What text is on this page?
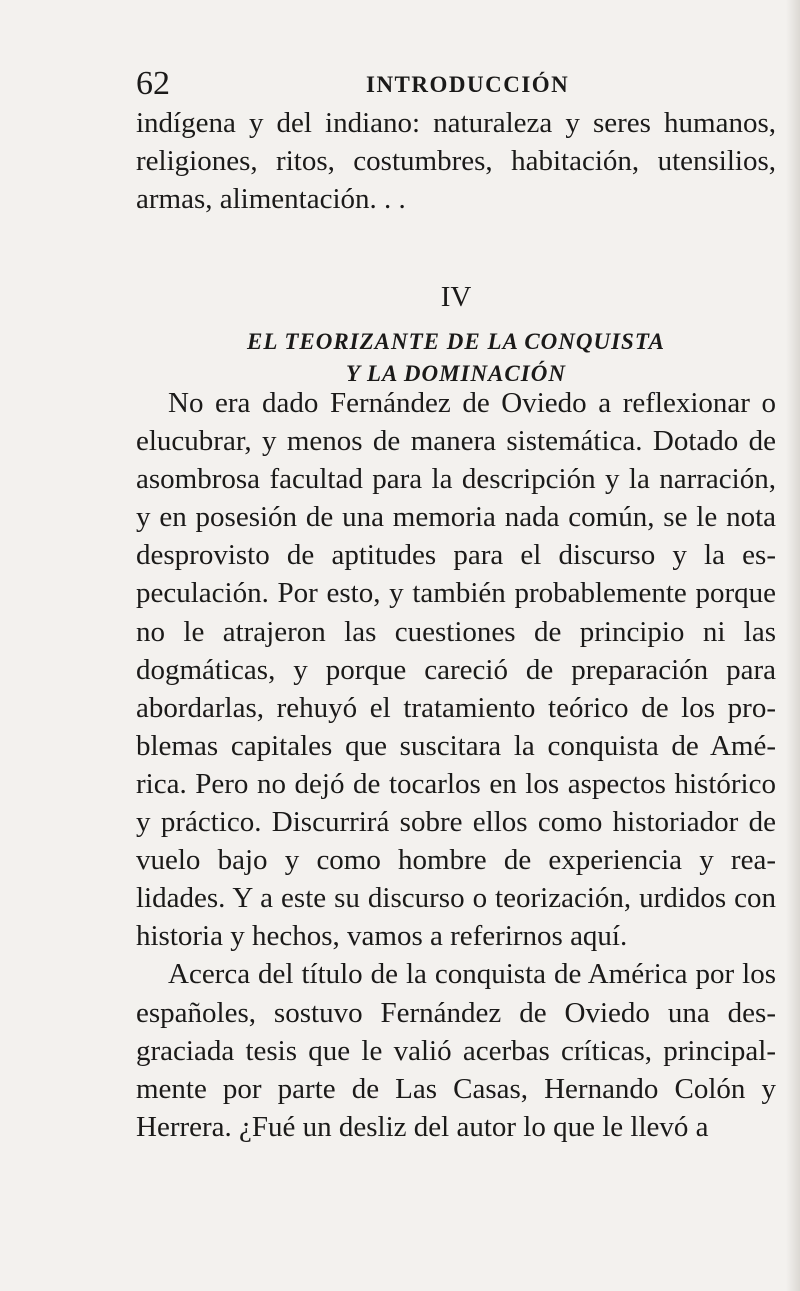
62	INTRODUCCIÓN

indígena y del indiano: naturaleza y seres humanos, religiones, ritos, costumbres, habitación, utensilios, armas, alimentación. . .

IV
EL TEORIZANTE DE LA CONQUISTA
Y LA DOMINACIÓN

No era dado Fernández de Oviedo a reflexionar o elucubrar, y menos de manera sistemática. Dotado de asombrosa facultad para la descripción y la narración, y en posesión de una memoria nada común, se le nota desprovisto de aptitudes para el discurso y la especulación. Por esto, y también probablemente porque no le atrajeron las cuestiones de principio ni las dogmáticas, y porque careció de preparación para abordarlas, rehuyó el tratamiento teórico de los problemas capitales que suscitara la conquista de América. Pero no dejó de tocarlos en los aspectos histórico y práctico. Discurrirá sobre ellos como historiador de vuelo bajo y como hombre de experiencia y realidades. Y a este su discurso o teorización, urdidos con historia y hechos, vamos a referirnos aquí.

Acerca del título de la conquista de América por los españoles, sostuvo Fernández de Oviedo una desgraciada tesis que le valió acerbas críticas, principalmente por parte de Las Casas, Hernando Colón y Herrera. ¿Fué un desliz del autor lo que le llevó a
